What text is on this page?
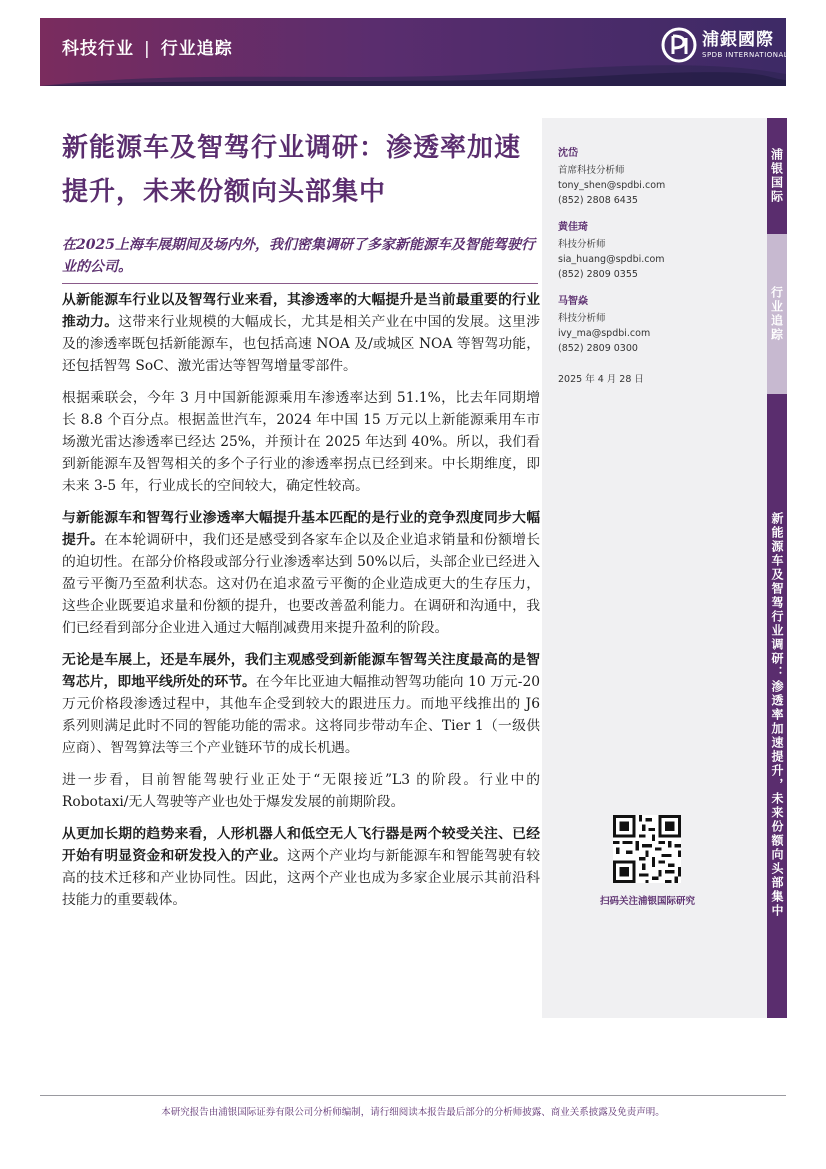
科技行业 | 行业追踪	浦銀國際
SPDB INTERNATIONAL
新能源车及智驾行业调研：渗透率加速提升，未来份额向头部集中
在2025上海车展期间及场内外，我们密集调研了多家新能源车及智能驾驶行业的公司。

从新能源车行业以及智驾行业来看，其渗透率的大幅提升是当前最重要的行业推动力。这带来行业规模的大幅成长，尤其是相关产业在中国的发展。这里涉及的渗透率既包括新能源车，也包括高速 NOA 及/或城区 NOA 等智驾功能，还包括智驾 SoC、激光雷达等智驾增量零部件。

根据乘联会，今年 3 月中国新能源乘用车渗透率达到 51.1%，比去年同期增长 8.8 个百分点。根据盖世汽车，2024 年中国 15 万元以上新能源乘用车市场激光雷达渗透率已经达 25%，并预计在 2025 年达到 40%。所以，我们看到新能源车及智驾相关的多个子行业的渗透率拐点已经到来。中长期维度，即未来 3-5 年，行业成长的空间较大，确定性较高。

与新能源车和智驾行业渗透率大幅提升基本匹配的是行业的竞争烈度同步大幅提升。在本轮调研中，我们还是感受到各家车企以及企业追求销量和份额增长的迫切性。在部分价格段或部分行业渗透率达到 50%以后，头部企业已经进入盈亏平衡乃至盈利状态。这对仍在追求盈亏平衡的企业造成更大的生存压力，这些企业既要追求量和份额的提升，也要改善盈利能力。在调研和沟通中，我们已经看到部分企业进入通过大幅削减费用来提升盈利的阶段。

无论是车展上，还是车展外，我们主观感受到新能源车智驾关注度最高的是智驾芯片，即地平线所处的环节。在今年比亚迪大幅推动智驾功能向 10 万元-20 万元价格段渗透过程中，其他车企受到较大的跟进压力。而地平线推出的 J6 系列则满足此时不同的智能功能的需求。这将同步带动车企、Tier 1（一级供应商）、智驾算法等三个产业链环节的成长机遇。

进一步看，目前智能驾驶行业正处于“无限接近”L3 的阶段。行业中的 Robotaxi/无人驾驶等产业也处于爆发发展的前期阶段。

从更加长期的趋势来看，人形机器人和低空无人飞行器是两个较受关注、已经开始有明显资金和研发投入的产业。这两个产业均与新能源车和智能驾驶有较高的技术迁移和产业协同性。因此，这两个产业也成为多家企业展示其前沿科技能力的重要载体。

沈岱
首席科技分析师
tony_shen@spdbi.com
(852) 2808 6435
黄佳琦
科技分析师
sia_huang@spdbi.com
(852) 2809 0355
马智焱
科技分析师
ivy_ma@spdbi.com
(852) 2809 0300
2025 年 4 月 28 日
浦银国际
行业追踪
新能源车及智驾行业调研：渗透率加速提升，未来份额向头部集中
扫码关注浦银国际研究
本研究报告由浦银国际证券有限公司分析师编制，请行细阅读本报告最后部分的分析师披露、商业关系披露及免责声明。
